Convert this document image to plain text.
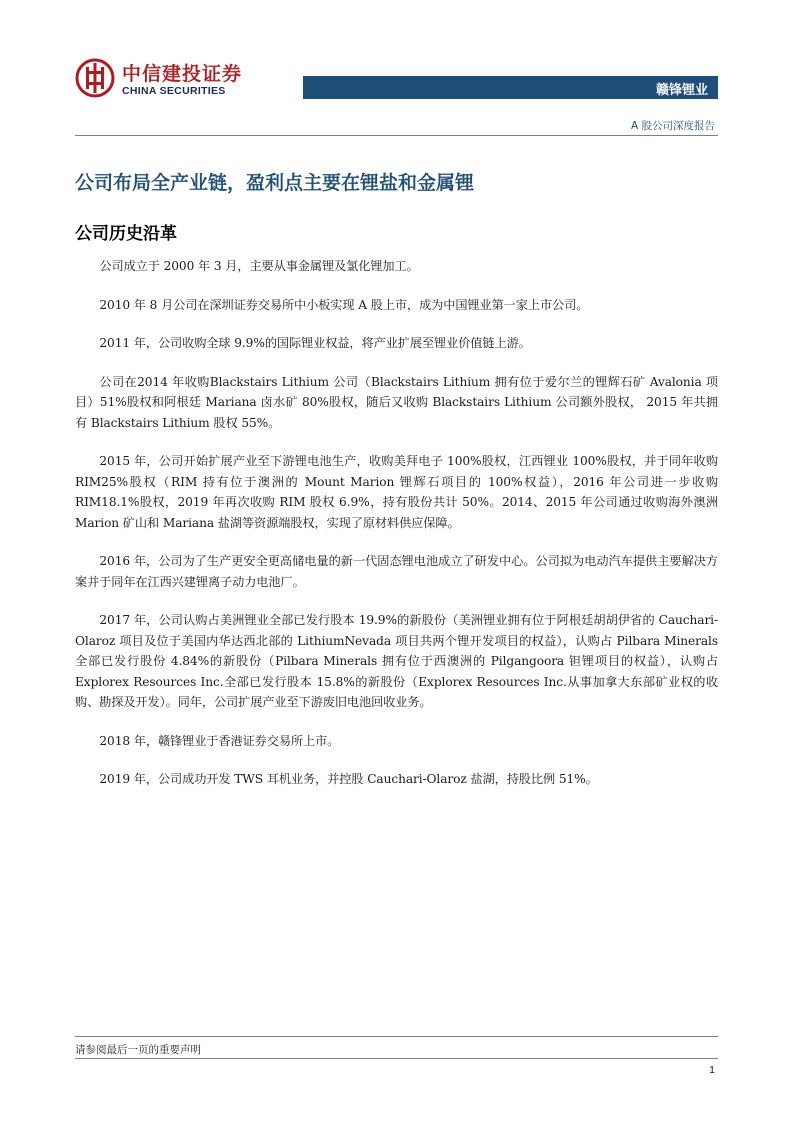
中信建投证券
CHINA SECURITIES	赣锋锂业
A 股公司深度报告
公司布局全产业链，盈利点主要在锂盐和金属锂
公司历史沿革

公司成立于 2000 年 3 月，主要从事金属锂及氯化锂加工。

2010 年 8 月公司在深圳证券交易所中小板实现 A 股上市，成为中国锂业第一家上市公司。

2011 年，公司收购全球 9.9%的国际锂业权益，将产业扩展至锂业价值链上游。

公司在2014 年收购Blackstairs Lithium 公司（Blackstairs Lithium 拥有位于爱尔兰的锂辉石矿 Avalonia 项目）51%股权和阿根廷 Mariana 卤水矿 80%股权，随后又收购 Blackstairs Lithium 公司额外股权， 2015 年共拥有 Blackstairs Lithium 股权 55%。

2015 年，公司开始扩展产业至下游锂电池生产，收购美拜电子 100%股权，江西锂业 100%股权，并于同年收购 RIM25%股权（RIM 持有位于澳洲的 Mount Marion 锂辉石项目的 100%权益），2016 年公司进一步收购 RIM18.1%股权，2019 年再次收购 RIM 股权 6.9%，持有股份共计 50%。2014、2015 年公司通过收购海外澳洲 Marion 矿山和 Mariana 盐湖等资源端股权，实现了原材料供应保障。

2016 年，公司为了生产更安全更高储电量的新一代固态锂电池成立了研发中心。公司拟为电动汽车提供主要解决方案并于同年在江西兴建锂离子动力电池厂。

2017 年，公司认购占美洲锂业全部已发行股本 19.9%的新股份（美洲锂业拥有位于阿根廷胡胡伊省的 Cauchari-Olaroz 项目及位于美国内华达西北部的 LithiumNevada 项目共两个锂开发项目的权益），认购占 Pilbara Minerals 全部已发行股份 4.84%的新股份（Pilbara Minerals 拥有位于西澳洲的 Pilgangoora 钽锂项目的权益），认购占 Explorex Resources Inc.全部已发行股本 15.8%的新股份（Explorex Resources Inc.从事加拿大东部矿业权的收购、勘探及开发）。同年，公司扩展产业至下游废旧电池回收业务。

2018 年，赣锋锂业于香港证券交易所上市。

2019 年，公司成功开发 TWS 耳机业务，并控股 Cauchari-Olaroz 盐湖，持股比例 51%。

请参阅最后一页的重要声明
1
